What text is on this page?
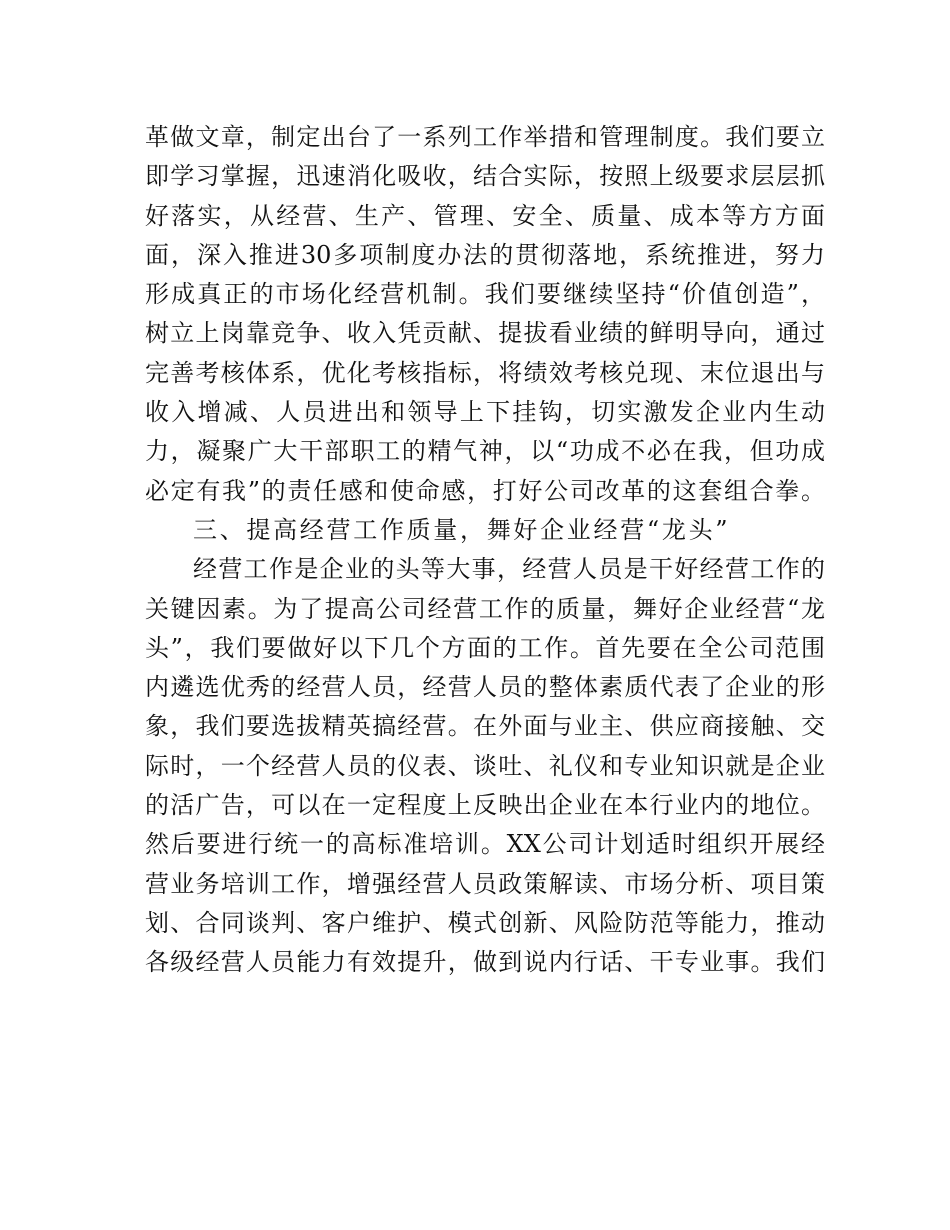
革做文章，制定出台了一系列工作举措和管理制度。我们要立
即学习掌握，迅速消化吸收，结合实际，按照上级要求层层抓
好落实，从经营、生产、管理、安全、质量、成本等方方面
面，深入推进30多项制度办法的贯彻落地，系统推进，努力
形成真正的市场化经营机制。我们要继续坚持“价值创造”，
树立上岗靠竞争、收入凭贡献、提拔看业绩的鲜明导向，通过
完善考核体系，优化考核指标，将绩效考核兑现、末位退出与
收入增减、人员进出和领导上下挂钩，切实激发企业内生动
力，凝聚广大干部职工的精气神，以“功成不必在我，但功成
必定有我”的责任感和使命感，打好公司改革的这套组合拳。
三、提高经营工作质量，舞好企业经营“龙头”
经营工作是企业的头等大事，经营人员是干好经营工作的
关键因素。为了提高公司经营工作的质量，舞好企业经营“龙
头”，我们要做好以下几个方面的工作。首先要在全公司范围
内遴选优秀的经营人员，经营人员的整体素质代表了企业的形
象，我们要选拔精英搞经营。在外面与业主、供应商接触、交
际时，一个经营人员的仪表、谈吐、礼仪和专业知识就是企业
的活广告，可以在一定程度上反映出企业在本行业内的地位。
然后要进行统一的高标准培训。XX公司计划适时组织开展经
营业务培训工作，增强经营人员政策解读、市场分析、项目策
划、合同谈判、客户维护、模式创新、风险防范等能力，推动
各级经营人员能力有效提升，做到说内行话、干专业事。我们
